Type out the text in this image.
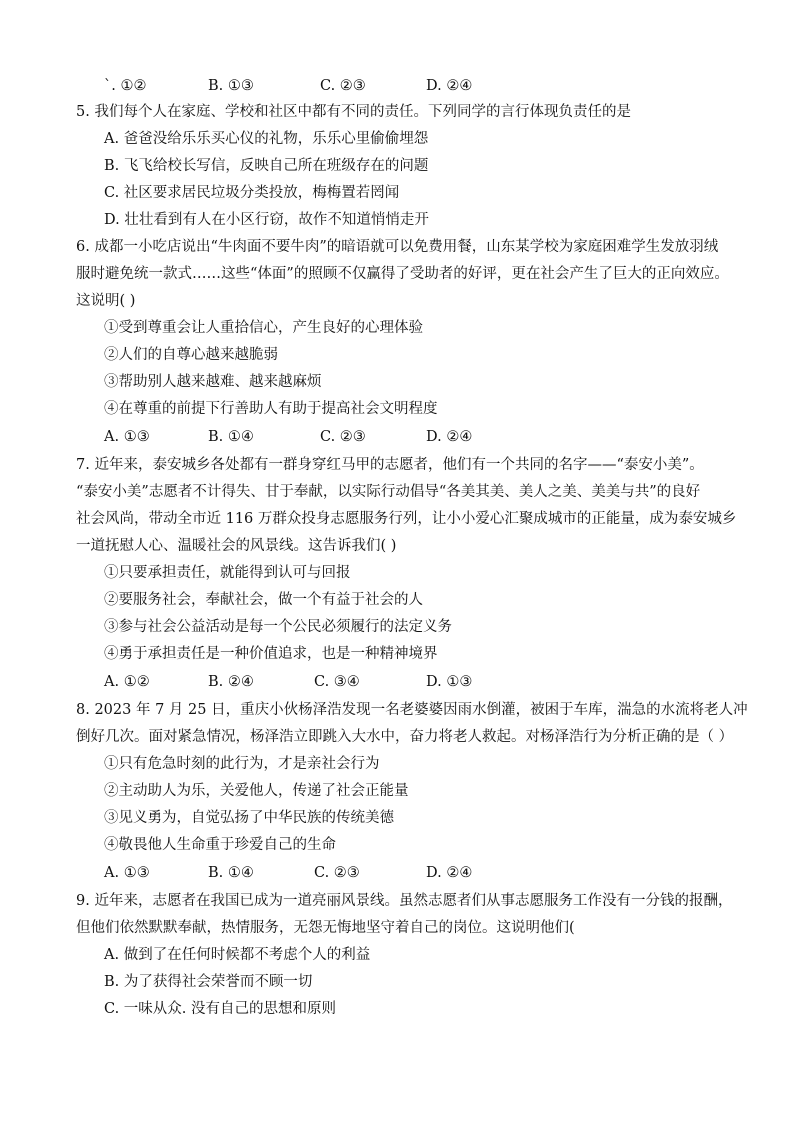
`. ①②	B. ①③	C. ②③	D. ②④
5. 我们每个人在家庭、学校和社区中都有不同的责任。下列同学的言行体现负责任的是
A. 爸爸没给乐乐买心仪的礼物，乐乐心里偷偷埋怨
B. 飞飞给校长写信，反映自己所在班级存在的问题
C. 社区要求居民垃圾分类投放，梅梅置若罔闻
D. 壮壮看到有人在小区行窃，故作不知道悄悄走开
6. 成都一小吃店说出“牛肉面不要牛肉”的暗语就可以免费用餐，山东某学校为家庭困难学生发放羽绒
服时避免统一款式……这些“体面”的照顾不仅赢得了受助者的好评，更在社会产生了巨大的正向效应。
这说明( )
①受到尊重会让人重拾信心，产生良好的心理体验
②人们的自尊心越来越脆弱
③帮助别人越来越难、越来越麻烦
④在尊重的前提下行善助人有助于提高社会文明程度
A. ①③	B. ①④	C. ②③	D. ②④
7. 近年来，泰安城乡各处都有一群身穿红马甲的志愿者，他们有一个共同的名字——“泰安小美”。
“泰安小美”志愿者不计得失、甘于奉献，以实际行动倡导“各美其美、美人之美、美美与共”的良好
社会风尚，带动全市近 116 万群众投身志愿服务行列，让小小爱心汇聚成城市的正能量，成为泰安城乡
一道抚慰人心、温暖社会的风景线。这告诉我们( )
①只要承担责任，就能得到认可与回报
②要服务社会，奉献社会，做一个有益于社会的人
③参与社会公益活动是每一个公民必须履行的法定义务
④勇于承担责任是一种价值追求，也是一种精神境界
A. ①②	B. ②④	C. ③④	D. ①③
8. 2023 年 7 月 25 日，重庆小伙杨泽浩发现一名老婆婆因雨水倒灌，被困于车库，湍急的水流将老人冲
倒好几次。面对紧急情况，杨泽浩立即跳入大水中，奋力将老人救起。对杨泽浩行为分析正确的是（ ）
①只有危急时刻的此行为，才是亲社会行为
②主动助人为乐，关爱他人，传递了社会正能量
③见义勇为，自觉弘扬了中华民族的传统美德
④敬畏他人生命重于珍爱自己的生命
A. ①③	B. ①④	C. ②③	D. ②④
9. 近年来，志愿者在我国已成为一道亮丽风景线。虽然志愿者们从事志愿服务工作没有一分钱的报酬，
但他们依然默默奉献，热情服务，无怨无悔地坚守着自己的岗位。这说明他们(
A. 做到了在任何时候都不考虑个人的利益
B. 为了获得社会荣誉而不顾一切
C. 一味从众. 没有自己的思想和原则
